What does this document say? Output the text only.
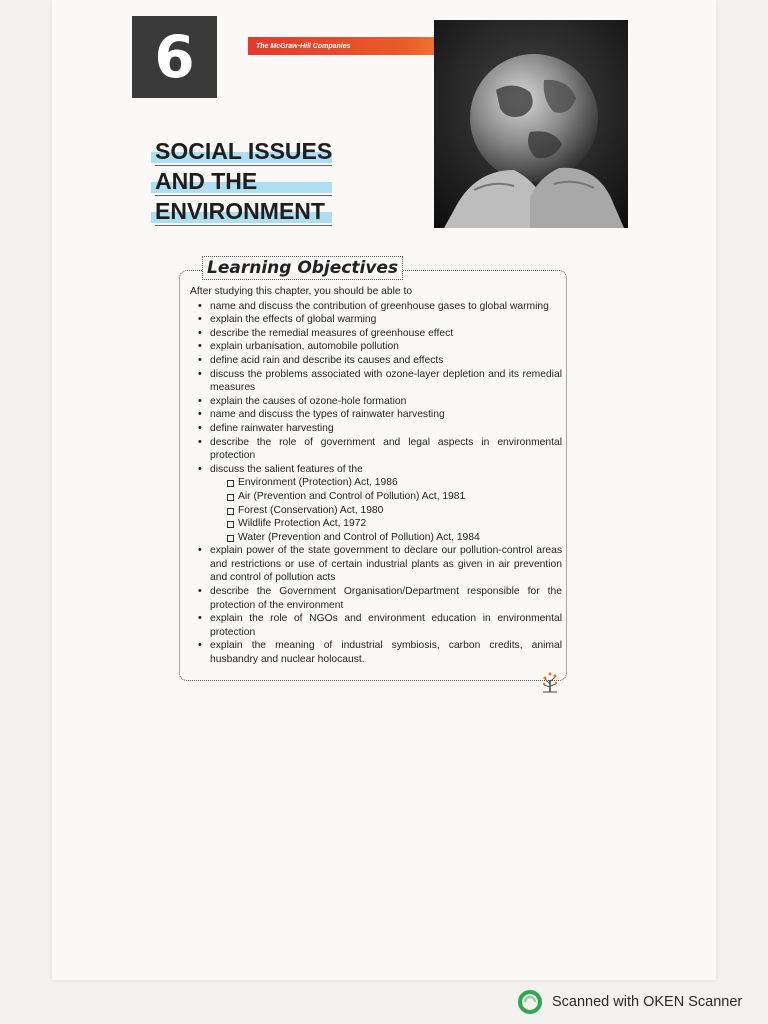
6	The McGraw·Hill Companies
SOCIAL ISSUES
AND THE
ENVIRONMENT
Learning Objectives
After studying this chapter, you should be able to
• name and discuss the contribution of greenhouse gases to global warming
• explain the effects of global warming
• describe the remedial measures of greenhouse effect
• explain urbanisation, automobile pollution
• define acid rain and describe its causes and effects
• discuss the problems associated with ozone-layer depletion and its remedial measures
• explain the causes of ozone-hole formation
• name and discuss the types of rainwater harvesting
• define rainwater harvesting
• describe the role of government and legal aspects in environmental protection
• discuss the salient features of the
Environment (Protection) Act, 1986
Air (Prevention and Control of Pollution) Act, 1981
Forest (Conservation) Act, 1980
Wildlife Protection Act, 1972
Water (Prevention and Control of Pollution) Act, 1984
• explain power of the state government to declare our pollution-control areas and restrictions or use of certain industrial plants as given in air prevention and control of pollution acts
• describe the Government Organisation/Department responsible for the protection of the environment
• explain the role of NGOs and environment education in environmental protection
• explain the meaning of industrial symbiosis, carbon credits, animal husbandry and nuclear holocaust.
Scanned with OKEN Scanner
